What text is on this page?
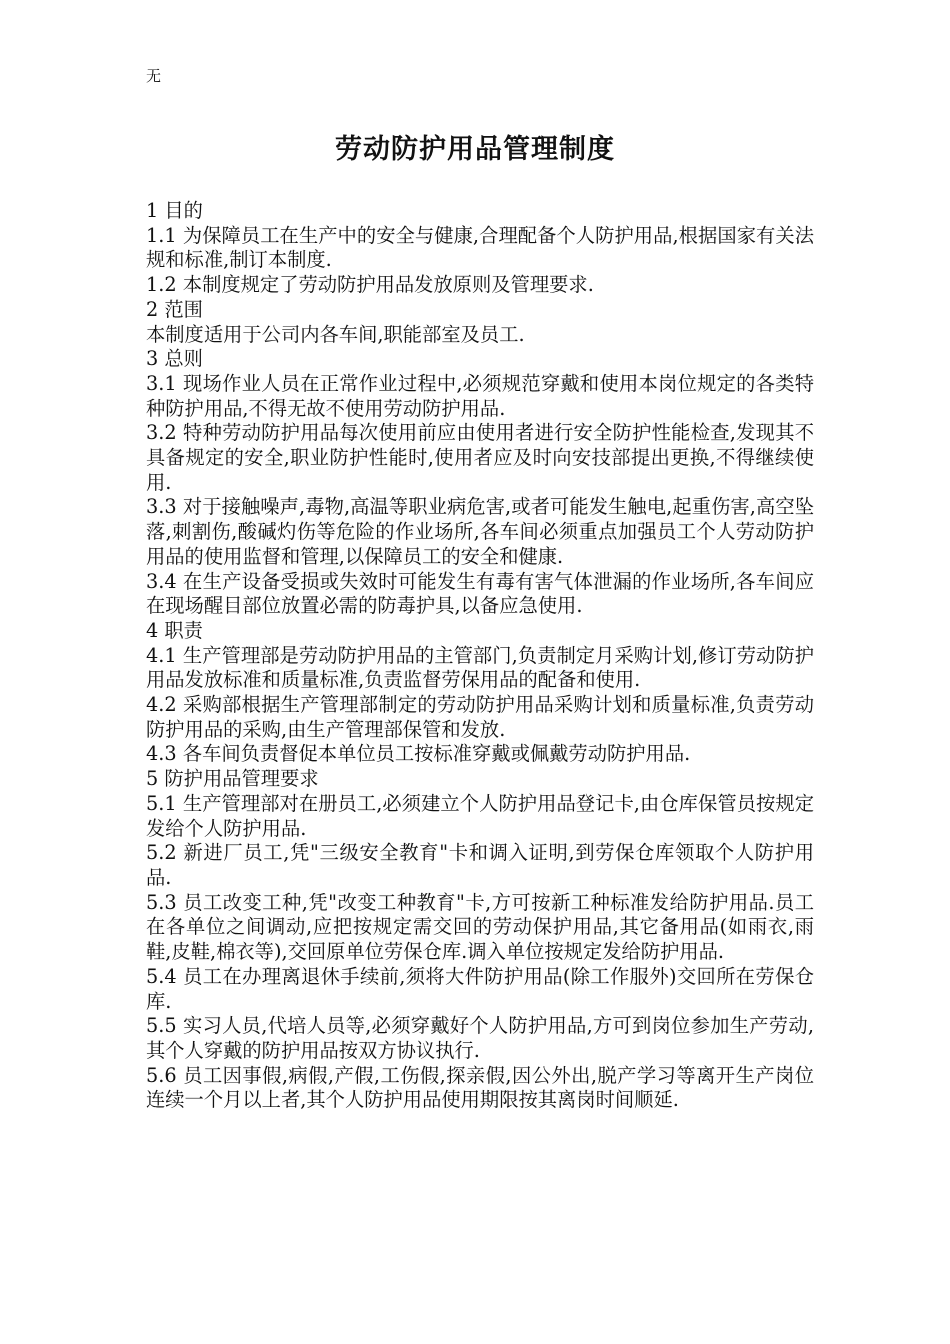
无
劳动防护用品管理制度

1 目的

1.1 为保障员工在生产中的安全与健康,合理配备个人防护用品,根据国家有关法规和标准,制订本制度.

1.2 本制度规定了劳动防护用品发放原则及管理要求.

2 范围

本制度适用于公司内各车间,职能部室及员工.

3 总则

3.1 现场作业人员在正常作业过程中,必须规范穿戴和使用本岗位规定的各类特种防护用品,不得无故不使用劳动防护用品.

3.2 特种劳动防护用品每次使用前应由使用者进行安全防护性能检查,发现其不具备规定的安全,职业防护性能时,使用者应及时向安技部提出更换,不得继续使用.

3.3 对于接触噪声,毒物,高温等职业病危害,或者可能发生触电,起重伤害,高空坠落,刺割伤,酸碱灼伤等危险的作业场所,各车间必须重点加强员工个人劳动防护用品的使用监督和管理,以保障员工的安全和健康.

3.4 在生产设备受损或失效时可能发生有毒有害气体泄漏的作业场所,各车间应在现场醒目部位放置必需的防毒护具,以备应急使用.

4 职责

4.1 生产管理部是劳动防护用品的主管部门,负责制定月采购计划,修订劳动防护用品发放标准和质量标准,负责监督劳保用品的配备和使用.

4.2 采购部根据生产管理部制定的劳动防护用品采购计划和质量标准,负责劳动防护用品的采购,由生产管理部保管和发放.

4.3 各车间负责督促本单位员工按标准穿戴或佩戴劳动防护用品.

5 防护用品管理要求

5.1 生产管理部对在册员工,必须建立个人防护用品登记卡,由仓库保管员按规定发给个人防护用品.

5.2 新进厂员工,凭"三级安全教育"卡和调入证明,到劳保仓库领取个人防护用品.

5.3 员工改变工种,凭"改变工种教育"卡,方可按新工种标准发给防护用品.员工在各单位之间调动,应把按规定需交回的劳动保护用品,其它备用品(如雨衣,雨鞋,皮鞋,棉衣等),交回原单位劳保仓库.调入单位按规定发给防护用品.

5.4 员工在办理离退休手续前,须将大件防护用品(除工作服外)交回所在劳保仓库.

5.5 实习人员,代培人员等,必须穿戴好个人防护用品,方可到岗位参加生产劳动,其个人穿戴的防护用品按双方协议执行.

5.6 员工因事假,病假,产假,工伤假,探亲假,因公外出,脱产学习等离开生产岗位连续一个月以上者,其个人防护用品使用期限按其离岗时间顺延.
